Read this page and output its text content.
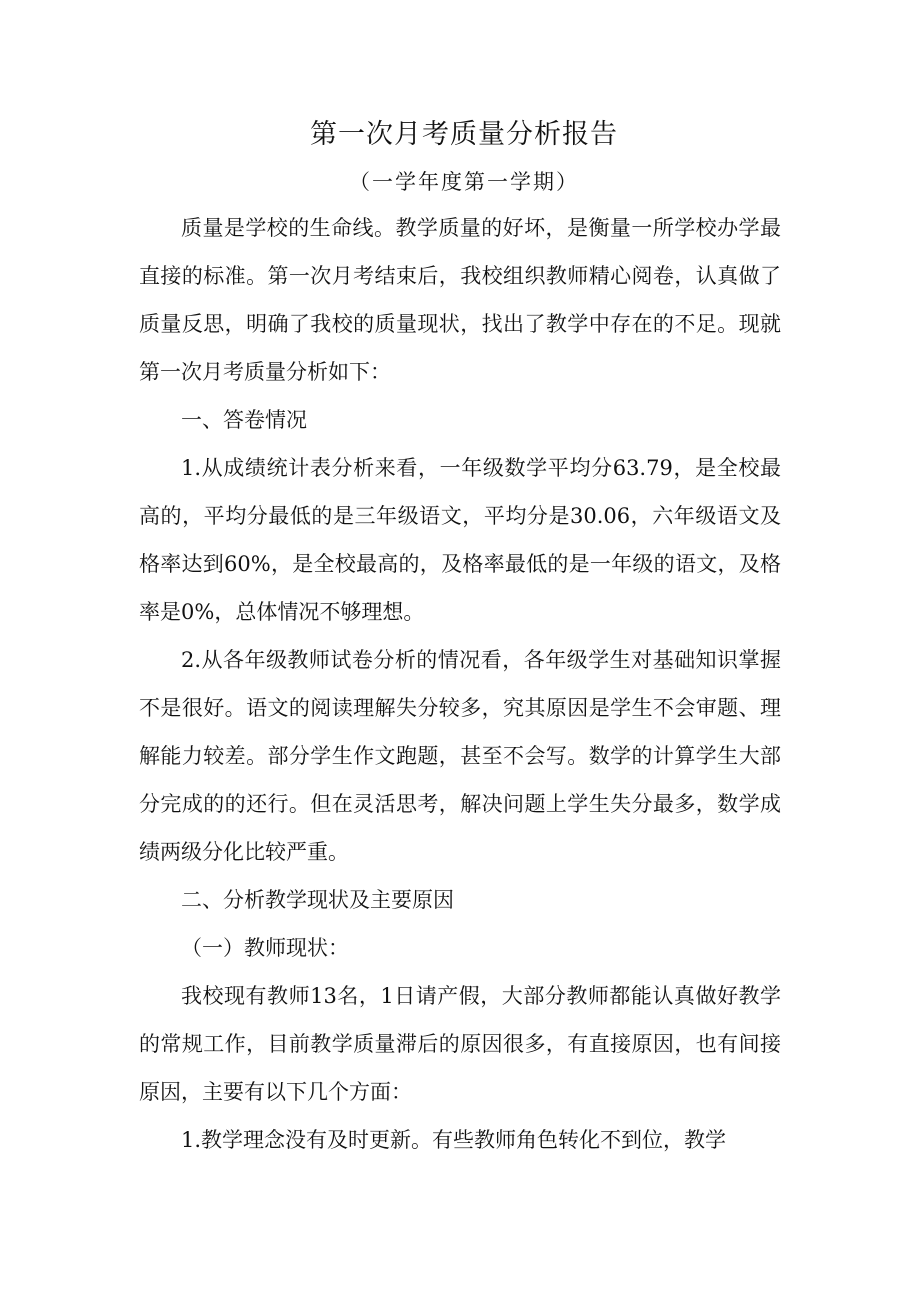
第一次月考质量分析报告
（一学年度第一学期）

质量是学校的生命线。教学质量的好坏，是衡量一所学校办学最直接的标准。第一次月考结束后，我校组织教师精心阅卷，认真做了质量反思，明确了我校的质量现状，找出了教学中存在的不足。现就第一次月考质量分析如下：

一、答卷情况

1.从成绩统计表分析来看，一年级数学平均分63.79，是全校最高的，平均分最低的是三年级语文，平均分是30.06，六年级语文及格率达到60%，是全校最高的，及格率最低的是一年级的语文，及格率是0%，总体情况不够理想。

2.从各年级教师试卷分析的情况看，各年级学生对基础知识掌握不是很好。语文的阅读理解失分较多，究其原因是学生不会审题、理解能力较差。部分学生作文跑题，甚至不会写。数学的计算学生大部分完成的的还行。但在灵活思考，解决问题上学生失分最多，数学成绩两级分化比较严重。

二、分析教学现状及主要原因

（一）教师现状：

我校现有教师13名，1日请产假，大部分教师都能认真做好教学的常规工作，目前教学质量滞后的原因很多，有直接原因，也有间接原因，主要有以下几个方面：

1.教学理念没有及时更新。有些教师角色转化不到位，教学
